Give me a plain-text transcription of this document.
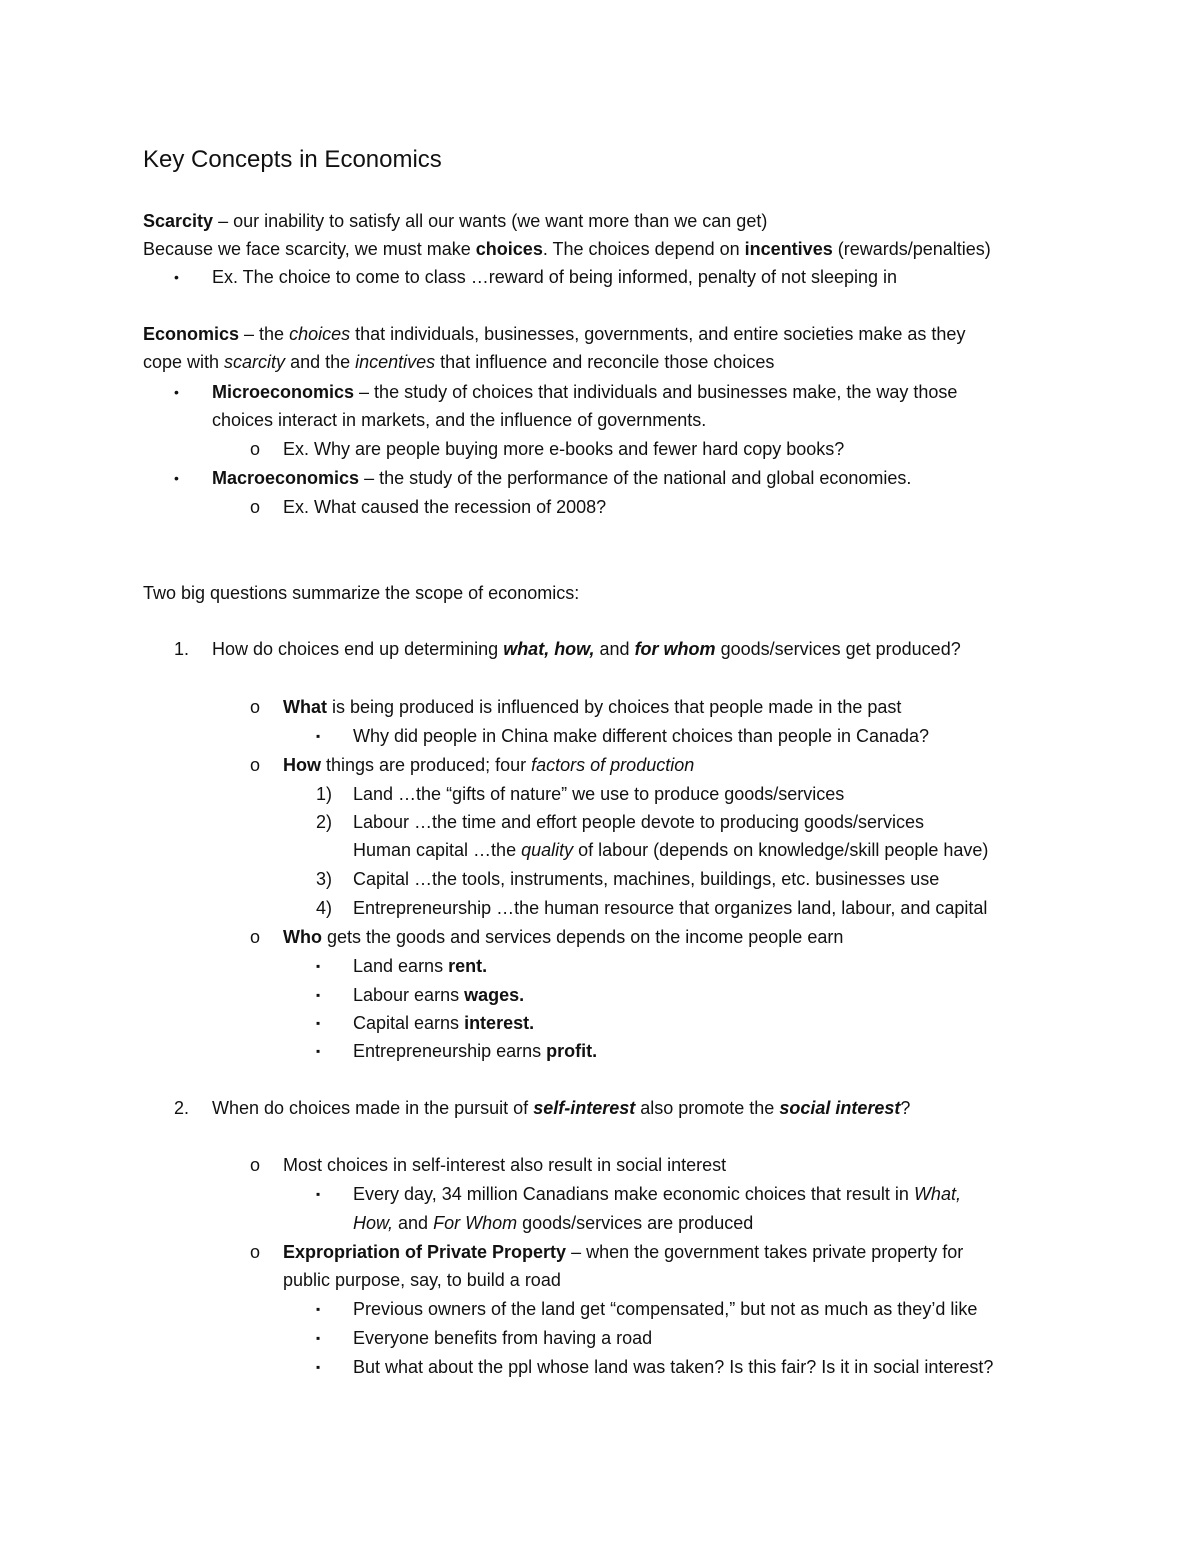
Key Concepts in Economics
Scarcity – our inability to satisfy all our wants (we want more than we can get)
Because we face scarcity, we must make choices. The choices depend on incentives (rewards/penalties)
• Ex. The choice to come to class …reward of being informed, penalty of not sleeping in
Economics – the choices that individuals, businesses, governments, and entire societies make as they
cope with scarcity and the incentives that influence and reconcile those choices
• Microeconomics – the study of choices that individuals and businesses make, the way those
choices interact in markets, and the influence of governments.
o Ex. Why are people buying more e-books and fewer hard copy books?
• Macroeconomics – the study of the performance of the national and global economies.
o Ex. What caused the recession of 2008?
Two big questions summarize the scope of economics:
1. How do choices end up determining what, how, and for whom goods/services get produced?
o What is being produced is influenced by choices that people made in the past
▪ Why did people in China make different choices than people in Canada?
o How things are produced; four factors of production
1) Land …the “gifts of nature” we use to produce goods/services
2) Labour …the time and effort people devote to producing goods/services
Human capital …the quality of labour (depends on knowledge/skill people have)
3) Capital …the tools, instruments, machines, buildings, etc. businesses use
4) Entrepreneurship …the human resource that organizes land, labour, and capital
o Who gets the goods and services depends on the income people earn
▪ Land earns rent.
▪ Labour earns wages.
▪ Capital earns interest.
▪ Entrepreneurship earns profit.
2. When do choices made in the pursuit of self-interest also promote the social interest?
o Most choices in self-interest also result in social interest
▪ Every day, 34 million Canadians make economic choices that result in What,
How, and For Whom goods/services are produced
o Expropriation of Private Property – when the government takes private property for
public purpose, say, to build a road
▪ Previous owners of the land get “compensated,” but not as much as they’d like
▪ Everyone benefits from having a road
▪ But what about the ppl whose land was taken? Is this fair? Is it in social interest?
